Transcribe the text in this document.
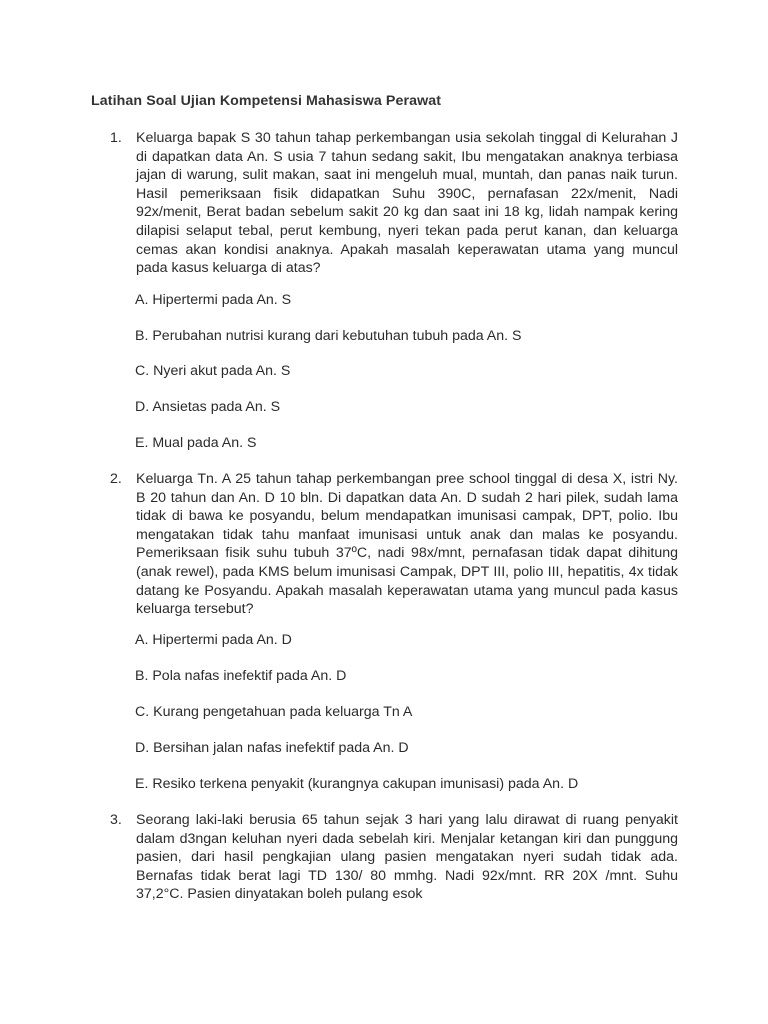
Latihan Soal Ujian Kompetensi Mahasiswa Perawat
1. Keluarga bapak S 30 tahun tahap perkembangan usia sekolah tinggal di Kelurahan J di dapatkan data An. S usia 7 tahun sedang sakit, Ibu mengatakan anaknya terbiasa jajan di warung, sulit makan, saat ini mengeluh mual, muntah, dan panas naik turun. Hasil pemeriksaan fisik didapatkan Suhu 390C, pernafasan 22x/menit, Nadi 92x/menit, Berat badan sebelum sakit 20 kg dan saat ini 18 kg, lidah nampak kering dilapisi selaput tebal, perut kembung, nyeri tekan pada perut kanan, dan keluarga cemas akan kondisi anaknya. Apakah masalah keperawatan utama yang muncul pada kasus keluarga di atas?
A. Hipertermi pada An. S
B. Perubahan nutrisi kurang dari kebutuhan tubuh pada An. S
C. Nyeri akut pada An. S
D. Ansietas pada An. S
E. Mual pada An. S
2. Keluarga Tn. A 25 tahun tahap perkembangan pree school tinggal di desa X, istri Ny. B 20 tahun dan An. D 10 bln. Di dapatkan data An. D sudah 2 hari pilek, sudah lama tidak di bawa ke posyandu, belum mendapatkan imunisasi campak, DPT, polio. Ibu mengatakan tidak tahu manfaat imunisasi untuk anak dan malas ke posyandu. Pemeriksaan fisik suhu tubuh 37ºC, nadi 98x/mnt, pernafasan tidak dapat dihitung (anak rewel), pada KMS belum imunisasi Campak, DPT III, polio III, hepatitis, 4x tidak datang ke Posyandu. Apakah masalah keperawatan utama yang muncul pada kasus keluarga tersebut?
A. Hipertermi pada An. D
B. Pola nafas inefektif pada An. D
C. Kurang pengetahuan pada keluarga Tn A
D. Bersihan jalan nafas inefektif pada An. D
E. Resiko terkena penyakit (kurangnya cakupan imunisasi) pada An. D
3. Seorang laki-laki berusia 65 tahun sejak 3 hari yang lalu dirawat di ruang penyakit dalam d3ngan keluhan nyeri dada sebelah kiri. Menjalar ketangan kiri dan punggung pasien, dari hasil pengkajian ulang pasien mengatakan nyeri sudah tidak ada. Bernafas tidak berat lagi TD 130/ 80 mmhg. Nadi 92x/mnt. RR 20X /mnt. Suhu 37,2°C. Pasien dinyatakan boleh pulang esok
